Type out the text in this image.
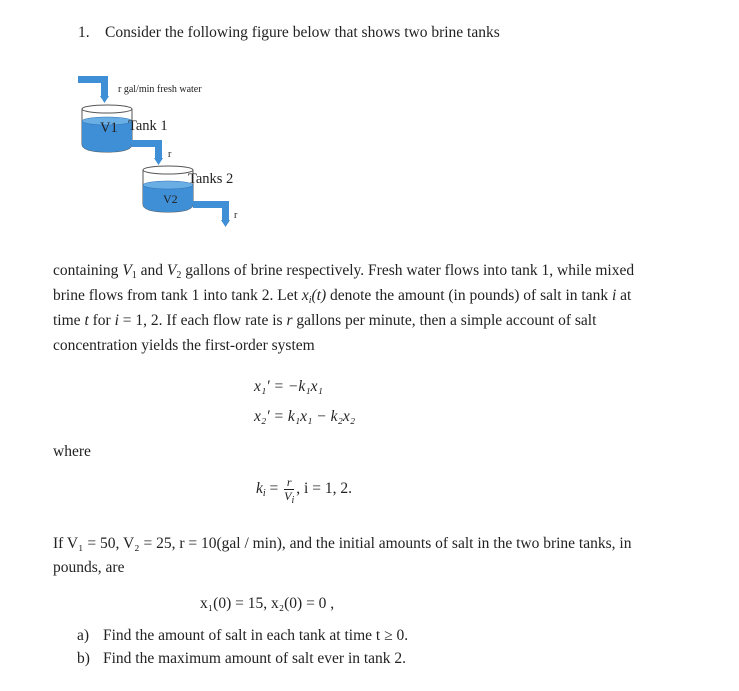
1. Consider the following figure below that shows two brine tanks
r gal/min fresh water
V1 Tank 1
r
Tanks 2
V2
r
containing $V_1$ and $V_2$ gallons of brine respectively. Fresh water flows into tank 1, while mixed
brine flows from tank 1 into tank 2. Let $x_i(t)$ denote the amount (in pounds) of salt in tank i at
time t for i = 1, 2. If each flow rate is r gallons per minute, then a simple account of salt
concentration yields the first-order system
x₁′ = −k₁x₁
x₂′ = k₁x₁ − k₂x₂
where
$k_i = \frac{r}{V_i}$ , i = 1, 2.
If V₁ = 50, V₂ = 25, r = 10(gal / min), and the initial amounts of salt in the two brine tanks, in
pounds, are
x₁(0) = 15, x₂(0) = 0 ,
a) Find the amount of salt in each tank at time t ≥ 0.
b) Find the maximum amount of salt ever in tank 2.
